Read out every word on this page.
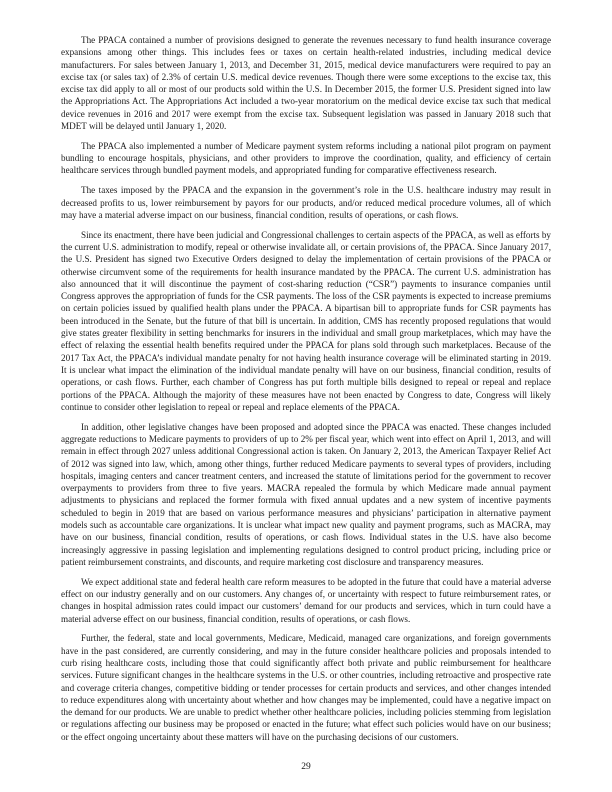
The PPACA contained a number of provisions designed to generate the revenues necessary to fund health insurance coverage expansions among other things. This includes fees or taxes on certain health-related industries, including medical device manufacturers. For sales between January 1, 2013, and December 31, 2015, medical device manufacturers were required to pay an excise tax (or sales tax) of 2.3% of certain U.S. medical device revenues. Though there were some exceptions to the excise tax, this excise tax did apply to all or most of our products sold within the U.S. In December 2015, the former U.S. President signed into law the Appropriations Act. The Appropriations Act included a two-year moratorium on the medical device excise tax such that medical device revenues in 2016 and 2017 were exempt from the excise tax. Subsequent legislation was passed in January 2018 such that MDET will be delayed until January 1, 2020.

The PPACA also implemented a number of Medicare payment system reforms including a national pilot program on payment bundling to encourage hospitals, physicians, and other providers to improve the coordination, quality, and efficiency of certain healthcare services through bundled payment models, and appropriated funding for comparative effectiveness research.

The taxes imposed by the PPACA and the expansion in the government’s role in the U.S. healthcare industry may result in decreased profits to us, lower reimbursement by payors for our products, and/or reduced medical procedure volumes, all of which may have a material adverse impact on our business, financial condition, results of operations, or cash flows.

Since its enactment, there have been judicial and Congressional challenges to certain aspects of the PPACA, as well as efforts by the current U.S. administration to modify, repeal or otherwise invalidate all, or certain provisions of, the PPACA. Since January 2017, the U.S. President has signed two Executive Orders designed to delay the implementation of certain provisions of the PPACA or otherwise circumvent some of the requirements for health insurance mandated by the PPACA. The current U.S. administration has also announced that it will discontinue the payment of cost-sharing reduction (“CSR”) payments to insurance companies until Congress approves the appropriation of funds for the CSR payments. The loss of the CSR payments is expected to increase premiums on certain policies issued by qualified health plans under the PPACA. A bipartisan bill to appropriate funds for CSR payments has been introduced in the Senate, but the future of that bill is uncertain. In addition, CMS has recently proposed regulations that would give states greater flexibility in setting benchmarks for insurers in the individual and small group marketplaces, which may have the effect of relaxing the essential health benefits required under the PPACA for plans sold through such marketplaces. Because of the 2017 Tax Act, the PPACA’s individual mandate penalty for not having health insurance coverage will be eliminated starting in 2019. It is unclear what impact the elimination of the individual mandate penalty will have on our business, financial condition, results of operations, or cash flows. Further, each chamber of Congress has put forth multiple bills designed to repeal or repeal and replace portions of the PPACA. Although the majority of these measures have not been enacted by Congress to date, Congress will likely continue to consider other legislation to repeal or repeal and replace elements of the PPACA.

In addition, other legislative changes have been proposed and adopted since the PPACA was enacted. These changes included aggregate reductions to Medicare payments to providers of up to 2% per fiscal year, which went into effect on April 1, 2013, and will remain in effect through 2027 unless additional Congressional action is taken. On January 2, 2013, the American Taxpayer Relief Act of 2012 was signed into law, which, among other things, further reduced Medicare payments to several types of providers, including hospitals, imaging centers and cancer treatment centers, and increased the statute of limitations period for the government to recover overpayments to providers from three to five years. MACRA repealed the formula by which Medicare made annual payment adjustments to physicians and replaced the former formula with fixed annual updates and a new system of incentive payments scheduled to begin in 2019 that are based on various performance measures and physicians’ participation in alternative payment models such as accountable care organizations. It is unclear what impact new quality and payment programs, such as MACRA, may have on our business, financial condition, results of operations, or cash flows. Individual states in the U.S. have also become increasingly aggressive in passing legislation and implementing regulations designed to control product pricing, including price or patient reimbursement constraints, and discounts, and require marketing cost disclosure and transparency measures.

We expect additional state and federal health care reform measures to be adopted in the future that could have a material adverse effect on our industry generally and on our customers. Any changes of, or uncertainty with respect to future reimbursement rates, or changes in hospital admission rates could impact our customers’ demand for our products and services, which in turn could have a material adverse effect on our business, financial condition, results of operations, or cash flows.

Further, the federal, state and local governments, Medicare, Medicaid, managed care organizations, and foreign governments have in the past considered, are currently considering, and may in the future consider healthcare policies and proposals intended to curb rising healthcare costs, including those that could significantly affect both private and public reimbursement for healthcare services. Future significant changes in the healthcare systems in the U.S. or other countries, including retroactive and prospective rate and coverage criteria changes, competitive bidding or tender processes for certain products and services, and other changes intended to reduce expenditures along with uncertainty about whether and how changes may be implemented, could have a negative impact on the demand for our products. We are unable to predict whether other healthcare policies, including policies stemming from legislation or regulations affecting our business may be proposed or enacted in the future; what effect such policies would have on our business; or the effect ongoing uncertainty about these matters will have on the purchasing decisions of our customers.

29
